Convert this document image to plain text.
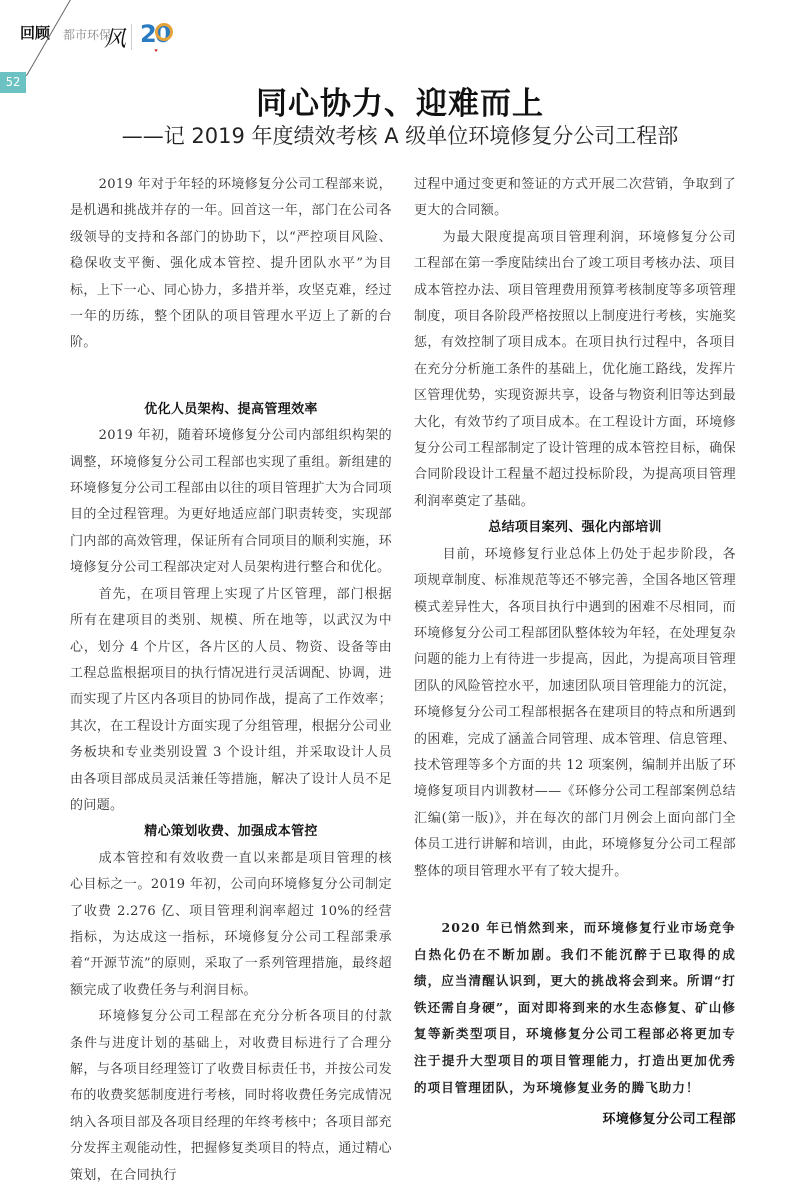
回顾
52
都市环保
风 20
♥
同心协力、迎难而上
——记 2019 年度绩效考核 A 级单位环境修复分公司工程部

2019 年对于年轻的环境修复分公司工程部来说，是机遇和挑战并存的一年。回首这一年，部门在公司各级领导的支持和各部门的协助下，以“严控项目风险、稳保收支平衡、强化成本管控、提升团队水平”为目标，上下一心、同心协力，多措并举，攻坚克难，经过一年的历练，整个团队的项目管理水平迈上了新的台阶。

优化人员架构、提高管理效率

2019 年初，随着环境修复分公司内部组织构架的调整，环境修复分公司工程部也实现了重组。新组建的环境修复分公司工程部由以往的项目管理扩大为合同项目的全过程管理。为更好地适应部门职责转变，实现部门内部的高效管理，保证所有合同项目的顺利实施，环境修复分公司工程部决定对人员架构进行整合和优化。

首先，在项目管理上实现了片区管理，部门根据所有在建项目的类别、规模、所在地等，以武汉为中心，划分 4 个片区，各片区的人员、物资、设备等由工程总监根据项目的执行情况进行灵活调配、协调，进而实现了片区内各项目的协同作战，提高了工作效率；其次，在工程设计方面实现了分组管理，根据分公司业务板块和专业类别设置 3 个设计组，并采取设计人员由各项目部成员灵活兼任等措施，解决了设计人员不足的问题。

精心策划收费、加强成本管控

成本管控和有效收费一直以来都是项目管理的核心目标之一。2019 年初，公司向环境修复分公司制定了收费 2.276 亿、项目管理利润率超过 10%的经营指标，为达成这一指标，环境修复分公司工程部秉承着“开源节流”的原则，采取了一系列管理措施，最终超额完成了收费任务与利润目标。

环境修复分公司工程部在充分分析各项目的付款条件与进度计划的基础上，对收费目标进行了合理分解，与各项目经理签订了收费目标责任书，并按公司发布的收费奖惩制度进行考核，同时将收费任务完成情况纳入各项目部及各项目经理的年终考核中；各项目部充分发挥主观能动性，把握修复类项目的特点，通过精心策划，在合同执行

过程中通过变更和签证的方式开展二次营销，争取到了更大的合同额。

为最大限度提高项目管理利润，环境修复分公司工程部在第一季度陆续出台了竣工项目考核办法、项目成本管控办法、项目管理费用预算考核制度等多项管理制度，项目各阶段严格按照以上制度进行考核，实施奖惩，有效控制了项目成本。在项目执行过程中，各项目在充分分析施工条件的基础上，优化施工路线，发挥片区管理优势，实现资源共享，设备与物资利旧等达到最大化，有效节约了项目成本。在工程设计方面，环境修复分公司工程部制定了设计管理的成本管控目标，确保合同阶段设计工程量不超过投标阶段，为提高项目管理利润率奠定了基础。

总结项目案列、强化内部培训

目前，环境修复行业总体上仍处于起步阶段，各项规章制度、标准规范等还不够完善，全国各地区管理模式差异性大，各项目执行中遇到的困难不尽相同，而环境修复分公司工程部团队整体较为年轻，在处理复杂问题的能力上有待进一步提高，因此，为提高项目管理团队的风险管控水平，加速团队项目管理能力的沉淀，环境修复分公司工程部根据各在建项目的特点和所遇到的困难，完成了涵盖合同管理、成本管理、信息管理、技术管理等多个方面的共 12 项案例，编制并出版了环境修复项目内训教材——《环修分公司工程部案例总结汇编(第一版)》，并在每次的部门月例会上面向部门全体员工进行讲解和培训，由此，环境修复分公司工程部整体的项目管理水平有了较大提升。

2020 年已悄然到来，而环境修复行业市场竞争白热化仍在不断加剧。我们不能沉醉于已取得的成绩，应当清醒认识到，更大的挑战将会到来。所谓“打铁还需自身硬”，面对即将到来的水生态修复、矿山修复等新类型项目，环境修复分公司工程部必将更加专注于提升大型项目的项目管理能力，打造出更加优秀的项目管理团队，为环境修复业务的腾飞助力！

环境修复分公司工程部
